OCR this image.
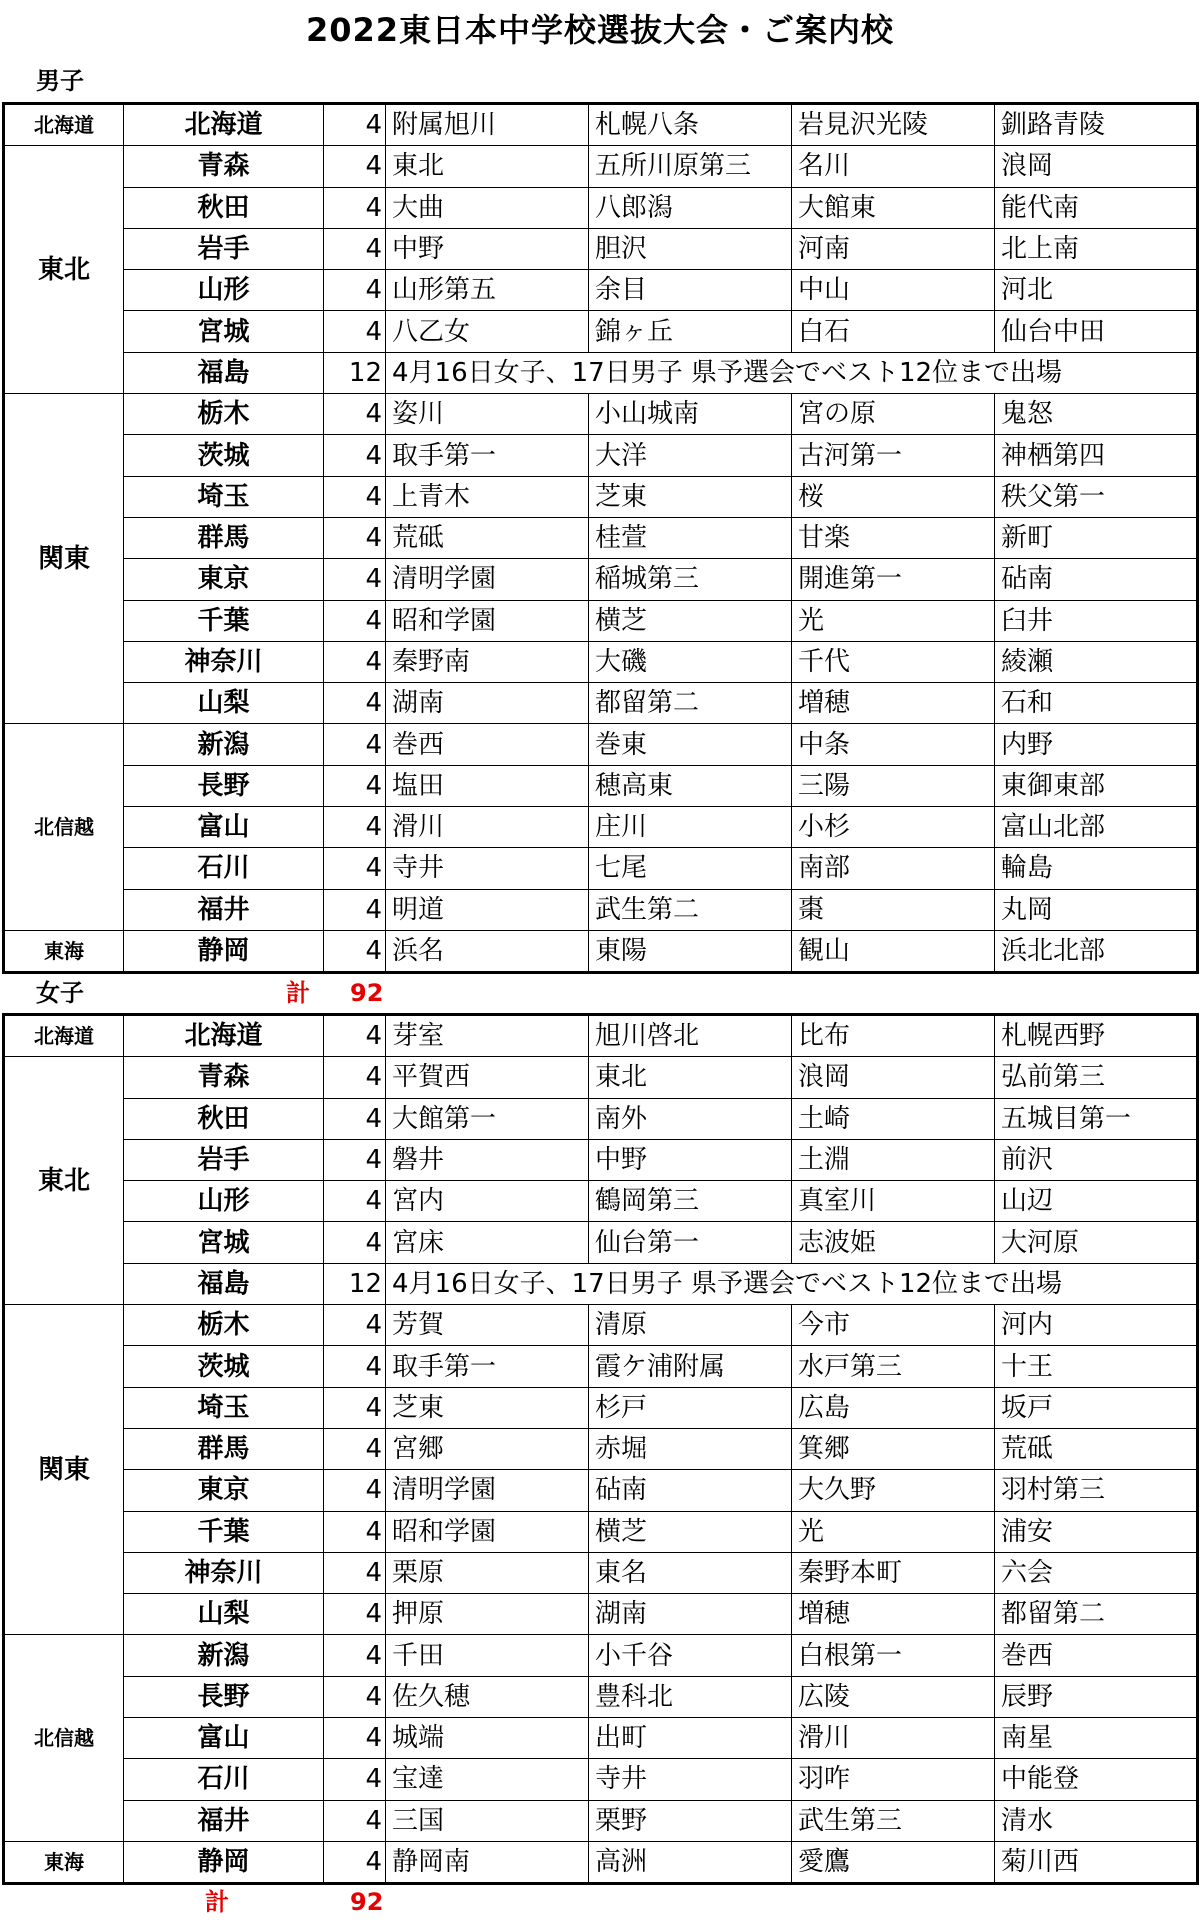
2022東日本中学校選抜大会・ご案内校
男子
北海道	北海道	4	附属旭川	札幌八条	岩見沢光陵	釧路青陵
東北	青森	4	東北	五所川原第三	名川	浪岡
	秋田	4	大曲	八郎潟	大館東	能代南
	岩手	4	中野	胆沢	河南	北上南
	山形	4	山形第五	余目	中山	河北
	宮城	4	八乙女	錦ヶ丘	白石	仙台中田
	福島	12	4月16日女子、17日男子 県予選会でベスト12位まで出場			
関東	栃木	4	姿川	小山城南	宮の原	鬼怒
	茨城	4	取手第一	大洋	古河第一	神栖第四
	埼玉	4	上青木	芝東	桜	秩父第一
	群馬	4	荒砥	桂萱	甘楽	新町
	東京	4	清明学園	稲城第三	開進第一	砧南
	千葉	4	昭和学園	横芝	光	臼井
	神奈川	4	秦野南	大磯	千代	綾瀬
	山梨	4	湖南	都留第二	増穂	石和
北信越	新潟	4	巻西	巻東	中条	内野
	長野	4	塩田	穂高東	三陽	東御東部
	富山	4	滑川	庄川	小杉	富山北部
	石川	4	寺井	七尾	南部	輪島
	福井	4	明道	武生第二	棗	丸岡
東海	静岡	4	浜名	東陽	観山	浜北北部
女子	計 92
北海道	北海道	4	芽室	旭川啓北	比布	札幌西野
東北	青森	4	平賀西	東北	浪岡	弘前第三
	秋田	4	大館第一	南外	土崎	五城目第一
	岩手	4	磐井	中野	土淵	前沢
	山形	4	宮内	鶴岡第三	真室川	山辺
	宮城	4	宮床	仙台第一	志波姫	大河原
	福島	12	4月16日女子、17日男子 県予選会でベスト12位まで出場			
関東	栃木	4	芳賀	清原	今市	河内
	茨城	4	取手第一	霞ケ浦附属	水戸第三	十王
	埼玉	4	芝東	杉戸	広島	坂戸
	群馬	4	宮郷	赤堀	箕郷	荒砥
	東京	4	清明学園	砧南	大久野	羽村第三
	千葉	4	昭和学園	横芝	光	浦安
	神奈川	4	栗原	東名	秦野本町	六会
	山梨	4	押原	湖南	増穂	都留第二
北信越	新潟	4	千田	小千谷	白根第一	巻西
	長野	4	佐久穂	豊科北	広陵	辰野
	富山	4	城端	出町	滑川	南星
	石川	4	宝達	寺井	羽咋	中能登
	福井	4	三国	栗野	武生第三	清水
東海	静岡	4	静岡南	高洲	愛鷹	菊川西
計	92
